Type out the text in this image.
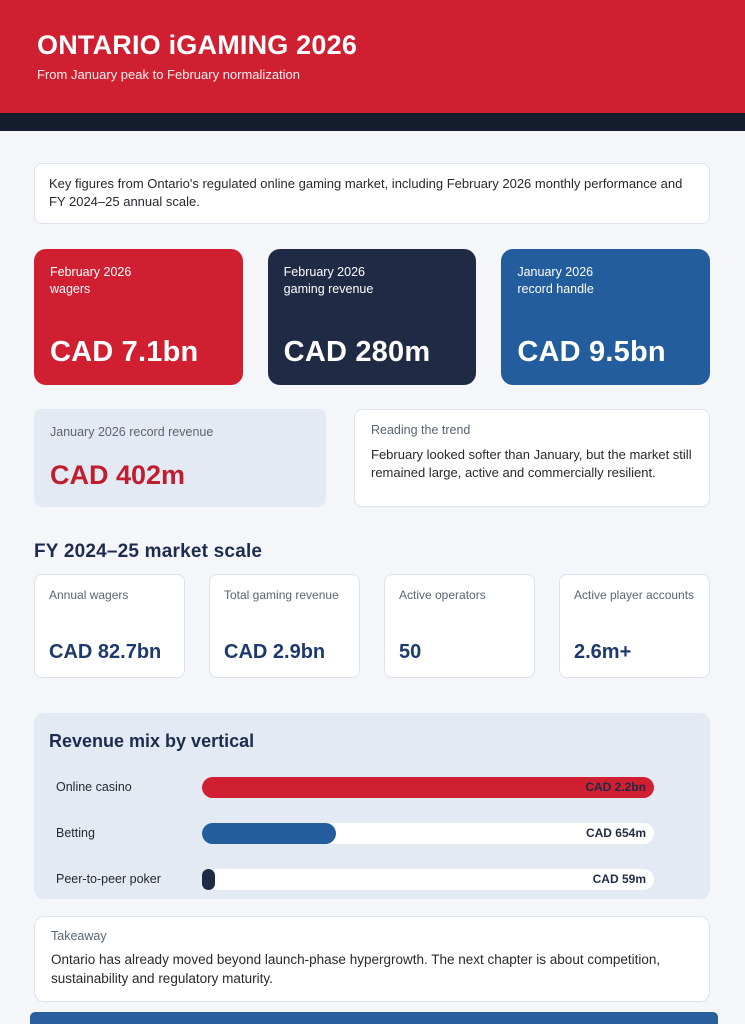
ONTARIO iGAMING 2026
From January peak to February normalization
Key figures from Ontario's regulated online gaming market, including February 2026 monthly performance and FY 2024–25 annual scale.
February 2026
wagers
CAD 7.1bn
February 2026
gaming revenue
CAD 280m
January 2026
record handle
CAD 9.5bn
January 2026 record revenue
CAD 402m
Reading the trend
February looked softer than January, but the market still remained large, active and commercially resilient.
FY 2024–25 market scale
Annual wagers
CAD 82.7bn
Total gaming revenue
CAD 2.9bn
Active operators
50
Active player accounts
2.6m+
Revenue mix by vertical
Online casino	CAD 2.2bn
Betting	CAD 654m
Peer-to-peer poker	CAD 59m
Takeaway
Ontario has already moved beyond launch-phase hypergrowth. The next chapter is about competition, sustainability and regulatory maturity.
